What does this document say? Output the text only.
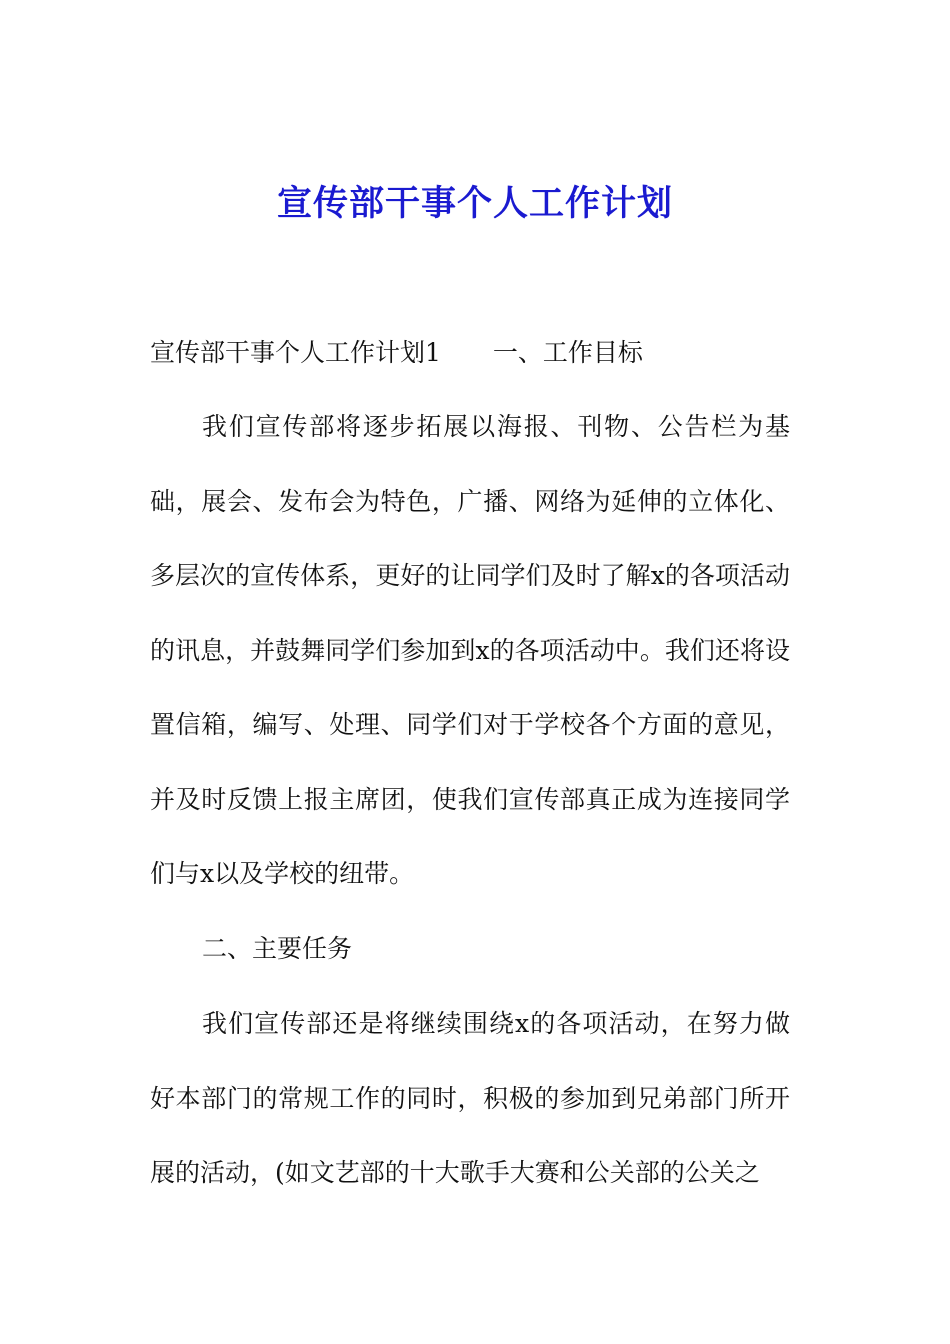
宣传部干事个人工作计划
宣传部干事个人工作计划1 一、工作目标

我们宣传部将逐步拓展以海报、刊物、公告栏为基础，展会、发布会为特色，广播、网络为延伸的立体化、多层次的宣传体系，更好的让同学们及时了解x的各项活动的讯息，并鼓舞同学们参加到x的各项活动中。我们还将设置信箱，编写、处理、同学们对于学校各个方面的意见，并及时反馈上报主席团，使我们宣传部真正成为连接同学们与x以及学校的纽带。

二、主要任务

我们宣传部还是将继续围绕x的各项活动，在努力做好本部门的常规工作的同时，积极的参加到兄弟部门所开展的活动，(如文艺部的十大歌手大赛和公关部的公关之
